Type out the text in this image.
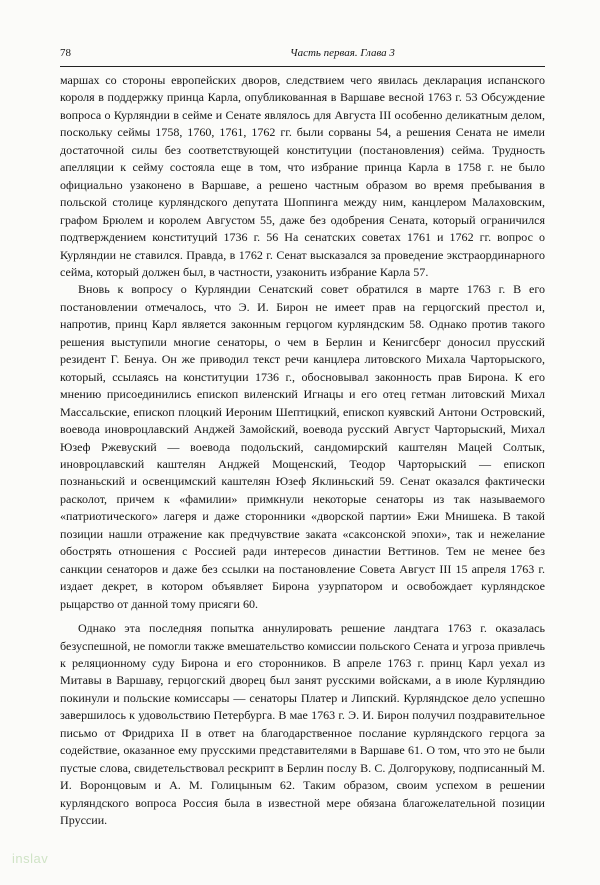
78	Часть первая. Глава 3

маршах со стороны европейских дворов, следствием чего явилась декларация испанского короля в поддержку принца Карла, опубликованная в Варшаве весной 1763 г. 53 Обсуждение вопроса о Курляндии в сейме и Сенате являлось для Августа III особенно деликатным делом, поскольку сеймы 1758, 1760, 1761, 1762 гг. были сорваны 54, а решения Сената не имели достаточной силы без соответствующей конституции (постановления) сейма. Трудность апелляции к сейму состояла еще в том, что избрание принца Карла в 1758 г. не было официально узаконено в Варшаве, а решено частным образом во время пребывания в польской столице курляндского депутата Шоппинга между ним, канцлером Малаховским, графом Брюлем и королем Августом 55, даже без одобрения Сената, который ограничился подтверждением конституций 1736 г. 56 На сенатских советах 1761 и 1762 гг. вопрос о Курляндии не ставился. Правда, в 1762 г. Сенат высказался за проведение экстраординарного сейма, который должен был, в частности, узаконить избрание Карла 57.

Вновь к вопросу о Курляндии Сенатский совет обратился в марте 1763 г. В его постановлении отмечалось, что Э. И. Бирон не имеет прав на герцогский престол и, напротив, принц Карл является законным герцогом курляндским 58. Однако против такого решения выступили многие сенаторы, о чем в Берлин и Кенигсберг доносил прусский резидент Г. Бенуа. Он же приводил текст речи канцлера литовского Михала Чарторыского, который, ссылаясь на конституции 1736 г., обосновывал законность прав Бирона. К его мнению присоединились епископ виленский Игнацы и его отец гетман литовский Михал Массальские, епископ плоцкий Иероним Шептицкий, епископ куявский Антони Островский, воевода иновроцлавский Анджей Замойский, воевода русский Август Чарторыский, Михал Юзеф Ржевуский — воевода подольский, сандомирский каштелян Мацей Солтык, иновроцлавский каштелян Анджей Мощенский, Теодор Чарторыский — епископ познаньский и освенцимский каштелян Юзеф Яклиньский 59. Сенат оказался фактически расколот, причем к «фамилии» примкнули некоторые сенаторы из так называемого «патриотического» лагеря и даже сторонники «дворской партии» Ежи Мнишека. В такой позиции нашли отражение как предчувствие заката «саксонской эпохи», так и нежелание обострять отношения с Россией ради интересов династии Веттинов. Тем не менее без санкции сенаторов и даже без ссылки на постановление Совета Август III 15 апреля 1763 г. издает декрет, в котором объявляет Бирона узурпатором и освобождает курляндское рыцарство от данной тому присяги 60.

Однако эта последняя попытка аннулировать решение ландтага 1763 г. оказалась безуспешной, не помогли также вмешательство комиссии польского Сената и угроза привлечь к реляционному суду Бирона и его сторонников. В апреле 1763 г. принц Карл уехал из Митавы в Варшаву, герцогский дворец был занят русскими войсками, а в июле Курляндию покинули и польские комиссары — сенаторы Платер и Липский. Курляндское дело успешно завершилось к удовольствию Петербурга. В мае 1763 г. Э. И. Бирон получил поздравительное письмо от Фридриха II в ответ на благодарственное послание курляндского герцога за содействие, оказанное ему прусскими представителями в Варшаве 61. О том, что это не были пустые слова, свидетельствовал рескрипт в Берлин послу В. С. Долгорукову, подписанный М. И. Воронцовым и А. М. Голицыным 62. Таким образом, своим успехом в решении курляндского вопроса Россия была в известной мере обязана благожелательной позиции Пруссии.

inslav
